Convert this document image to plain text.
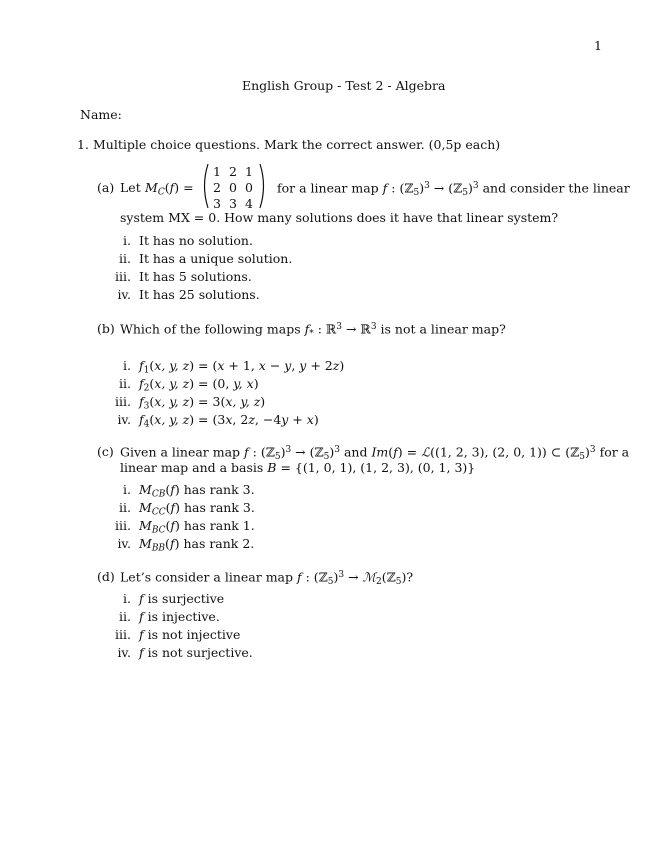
1
English Group - Test 2 - Algebra
Name:
1. Multiple choice questions. Mark the correct answer. (0,5p each)
(a) Let $M_C(f)$ =
1 2 1
2 0 0
3 3 4
for a linear map f : (ℤ$_5$)$^3$ → (ℤ$_5$)$^3$ and consider the linear
system MX = 0. How many solutions does it have that linear system?
i. It has no solution.
ii. It has a unique solution.
iii. It has 5 solutions.
iv. It has 25 solutions.
(b) Which of the following maps $f_*$ : ℝ$^3$ → ℝ$^3$ is not a linear map?
i. $f_1(x$, y, z) = (x + 1, x − y, y + 2z)
ii. $f_2(x$, y, z) = (0, y, x)
iii. $f_3(x$, y, z) = 3(x, y, z)
iv. $f_4(x$, y, z) = (3x, 2z, −4y + x)
(c) Given a linear map f : (ℤ$_5$)$^3$ → (ℤ$_5$)$^3$ and Im(f) = ℒ((1, 2, 3), (2, 0, 1)) ⊂ (ℤ$_5$)$^3$ for a
linear map and a basis B = {(1, 0, 1), (1, 2, 3), (0, 1, 3)}
i. $M_{CB}(f)$ has rank 3.
ii. $M_{CC}(f)$ has rank 3.
iii. $M_{BC}(f)$ has rank 1.
iv. $M_{BB}(f)$ has rank 2.
(d) Let’s consider a linear map f : (ℤ$_5$)$^3$ → ℳ$_2$(ℤ$_5$)?
i. f is surjective
ii. f is injective.
iii. f is not injective
iv. f is not surjective.
